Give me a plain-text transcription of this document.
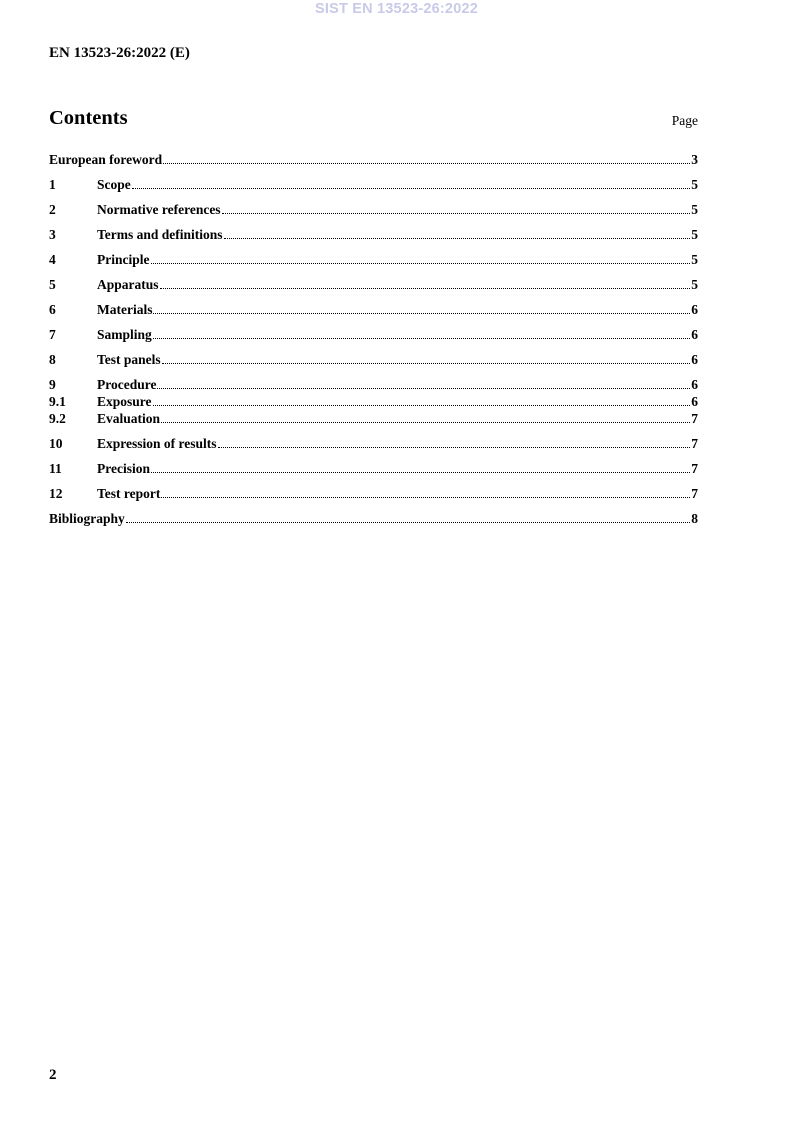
SIST EN 13523-26:2022
EN 13523-26:2022 (E)
Contents	Page
European foreword	3
1	Scope	5
2	Normative references	5
3	Terms and definitions	5
4	Principle	5
5	Apparatus	5
6	Materials	6
7	Sampling	6
8	Test panels	6
9	Procedure	6
9.1	Exposure	6
9.2	Evaluation	7
10	Expression of results	7
11	Precision	7
12	Test report	7
Bibliography	8
2
